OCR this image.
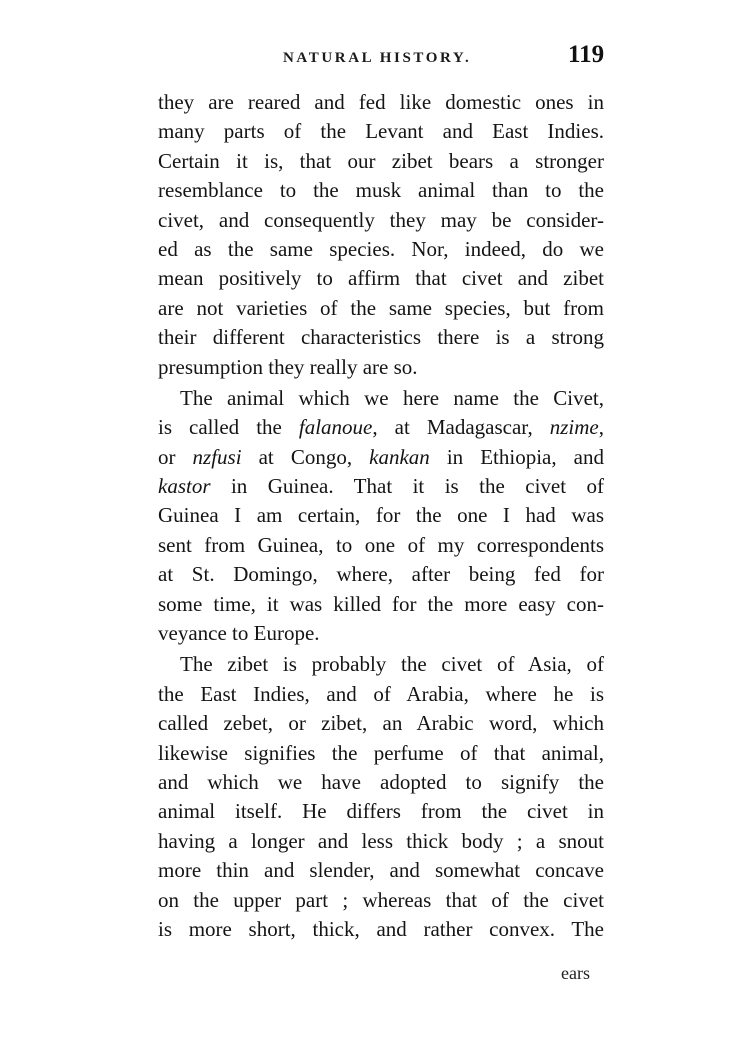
NATURAL HISTORY.	119
they are reared and fed like domestic ones in
many parts of the Levant and East Indies.
Certain it is, that our zibet bears a stronger
resemblance to the musk animal than to the
civet, and consequently they may be consider-
ed as the same species. Nor, indeed, do we
mean positively to affirm that civet and zibet
are not varieties of the same species, but from
their different characteristics there is a strong
presumption they really are so.
The animal which we here name the Civet,
is called the falanoue, at Madagascar, nzime,
or nzfusi at Congo, kankan in Ethiopia, and
kastor in Guinea. That it is the civet of
Guinea I am certain, for the one I had was
sent from Guinea, to one of my correspondents
at St. Domingo, where, after being fed for
some time, it was killed for the more easy con-
veyance to Europe.
The zibet is probably the civet of Asia, of
the East Indies, and of Arabia, where he is
called zebet, or zibet, an Arabic word, which
likewise signifies the perfume of that animal,
and which we have adopted to signify the
animal itself. He differs from the civet in
having a longer and less thick body ; a snout
more thin and slender, and somewhat concave
on the upper part ; whereas that of the civet
is more short, thick, and rather convex. The
ears
